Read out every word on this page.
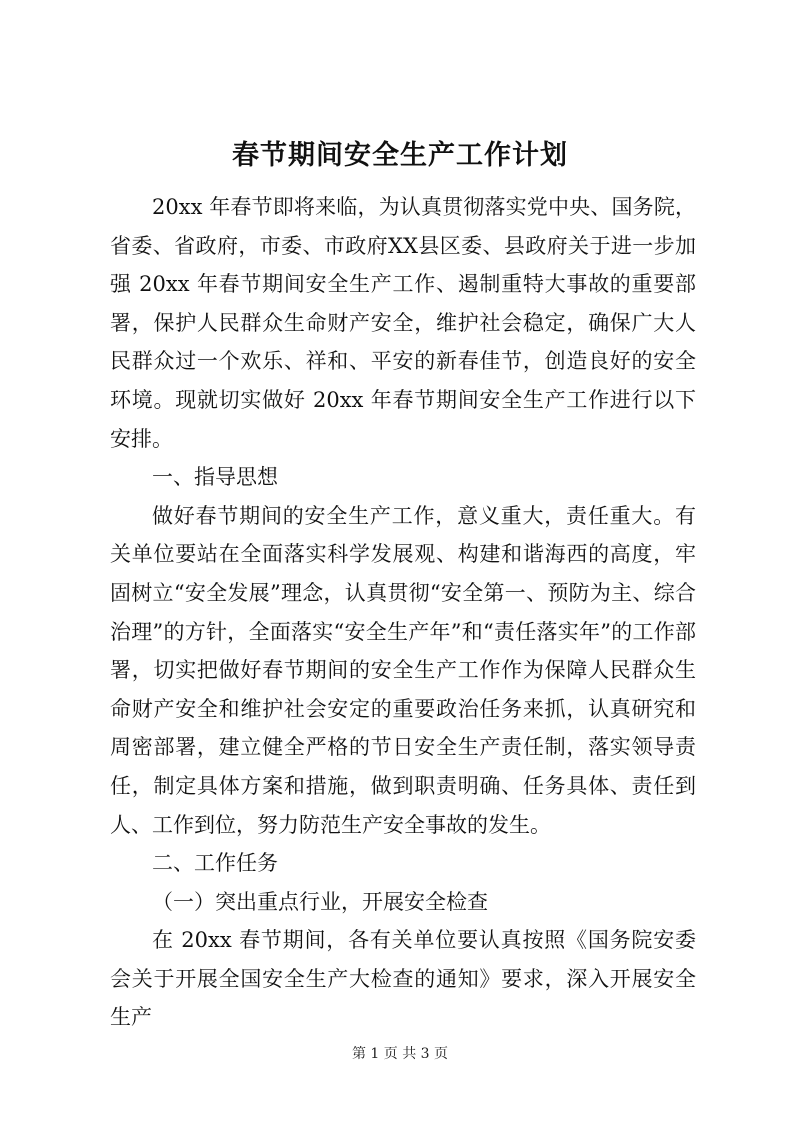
春节期间安全生产工作计划

20xx 年春节即将来临，为认真贯彻落实党中央、国务院，省委、省政府，市委、市政府XX县区委、县政府关于进一步加强 20xx 年春节期间安全生产工作、遏制重特大事故的重要部署，保护人民群众生命财产安全，维护社会稳定，确保广大人民群众过一个欢乐、祥和、平安的新春佳节，创造良好的安全环境。现就切实做好 20xx 年春节期间安全生产工作进行以下安排。

一、指导思想

做好春节期间的安全生产工作，意义重大，责任重大。有关单位要站在全面落实科学发展观、构建和谐海西的高度，牢固树立“安全发展”理念，认真贯彻“安全第一、预防为主、综合治理”的方针，全面落实“安全生产年”和“责任落实年”的工作部署，切实把做好春节期间的安全生产工作作为保障人民群众生命财产安全和维护社会安定的重要政治任务来抓，认真研究和周密部署，建立健全严格的节日安全生产责任制，落实领导责任，制定具体方案和措施，做到职责明确、任务具体、责任到人、工作到位，努力防范生产安全事故的发生。

二、工作任务

（一）突出重点行业，开展安全检查

在 20xx 春节期间，各有关单位要认真按照《国务院安委会关于开展全国安全生产大检查的通知》要求，深入开展安全生产

第 1 页 共 3 页
